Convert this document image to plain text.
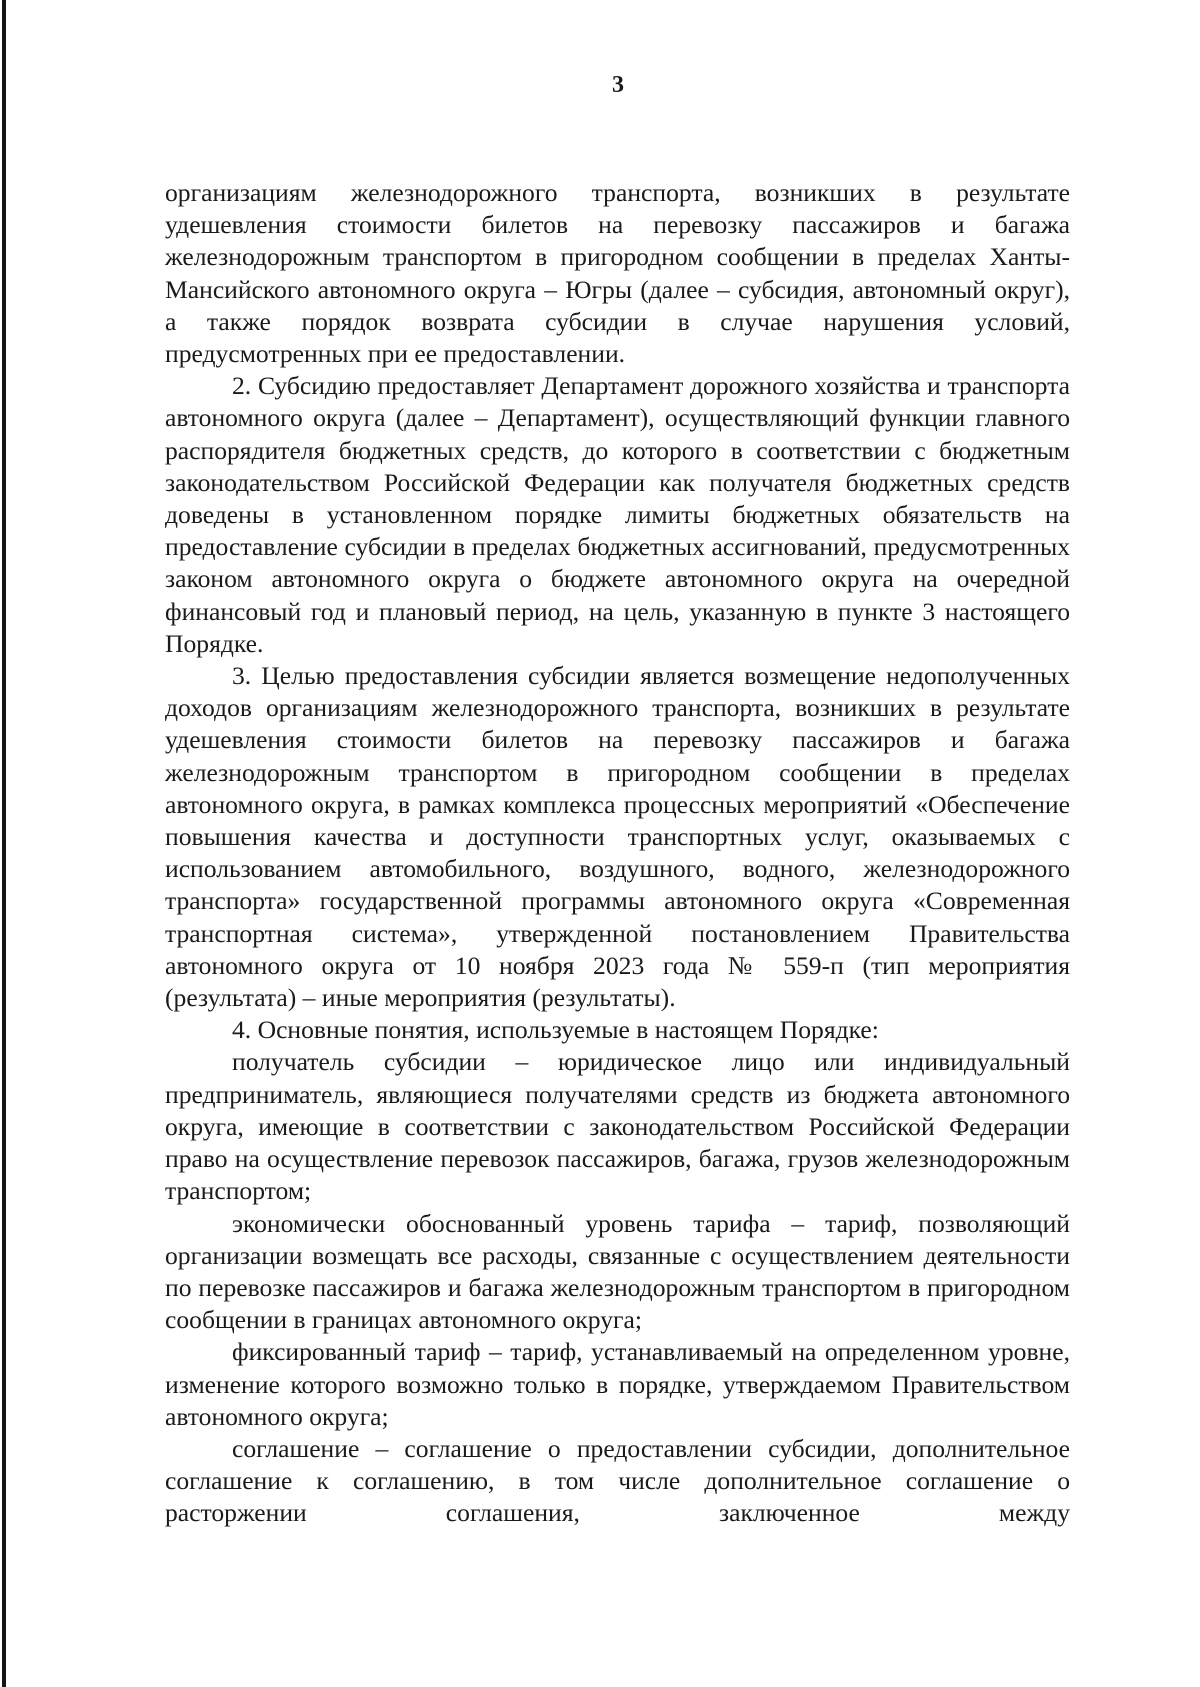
3

организациям железнодорожного транспорта, возникших в результате удешевления стоимости билетов на перевозку пассажиров и багажа железнодорожным транспортом в пригородном сообщении в пределах Ханты-Мансийского автономного округа – Югры (далее – субсидия, автономный округ), а также порядок возврата субсидии в случае нарушения условий, предусмотренных при ее предоставлении.

2. Субсидию предоставляет Департамент дорожного хозяйства и транспорта автономного округа (далее – Департамент), осуществляющий функции главного распорядителя бюджетных средств, до которого в соответствии с бюджетным законодательством Российской Федерации как получателя бюджетных средств доведены в установленном порядке лимиты бюджетных обязательств на предоставление субсидии в пределах бюджетных ассигнований, предусмотренных законом автономного округа о бюджете автономного округа на очередной финансовый год и плановый период, на цель, указанную в пункте 3 настоящего Порядке.

3. Целью предоставления субсидии является возмещение недополученных доходов организациям железнодорожного транспорта, возникших в результате удешевления стоимости билетов на перевозку пассажиров и багажа железнодорожным транспортом в пригородном сообщении в пределах автономного округа, в рамках комплекса процессных мероприятий «Обеспечение повышения качества и доступности транспортных услуг, оказываемых с использованием автомобильного, воздушного, водного, железнодорожного транспорта» государственной программы автономного округа «Современная транспортная система», утвержденной постановлением Правительства автономного округа от 10 ноября 2023 года № 559-п (тип мероприятия (результата) – иные мероприятия (результаты).

4. Основные понятия, используемые в настоящем Порядке:

получатель субсидии – юридическое лицо или индивидуальный предприниматель, являющиеся получателями средств из бюджета автономного округа, имеющие в соответствии с законодательством Российской Федерации право на осуществление перевозок пассажиров, багажа, грузов железнодорожным транспортом;

экономически обоснованный уровень тарифа – тариф, позволяющий организации возмещать все расходы, связанные с осуществлением деятельности по перевозке пассажиров и багажа железнодорожным транспортом в пригородном сообщении в границах автономного округа;

фиксированный тариф – тариф, устанавливаемый на определенном уровне, изменение которого возможно только в порядке, утверждаемом Правительством автономного округа;

соглашение – соглашение о предоставлении субсидии, дополнительное соглашение к соглашению, в том числе дополнительное соглашение о расторжении соглашения, заключенное между
